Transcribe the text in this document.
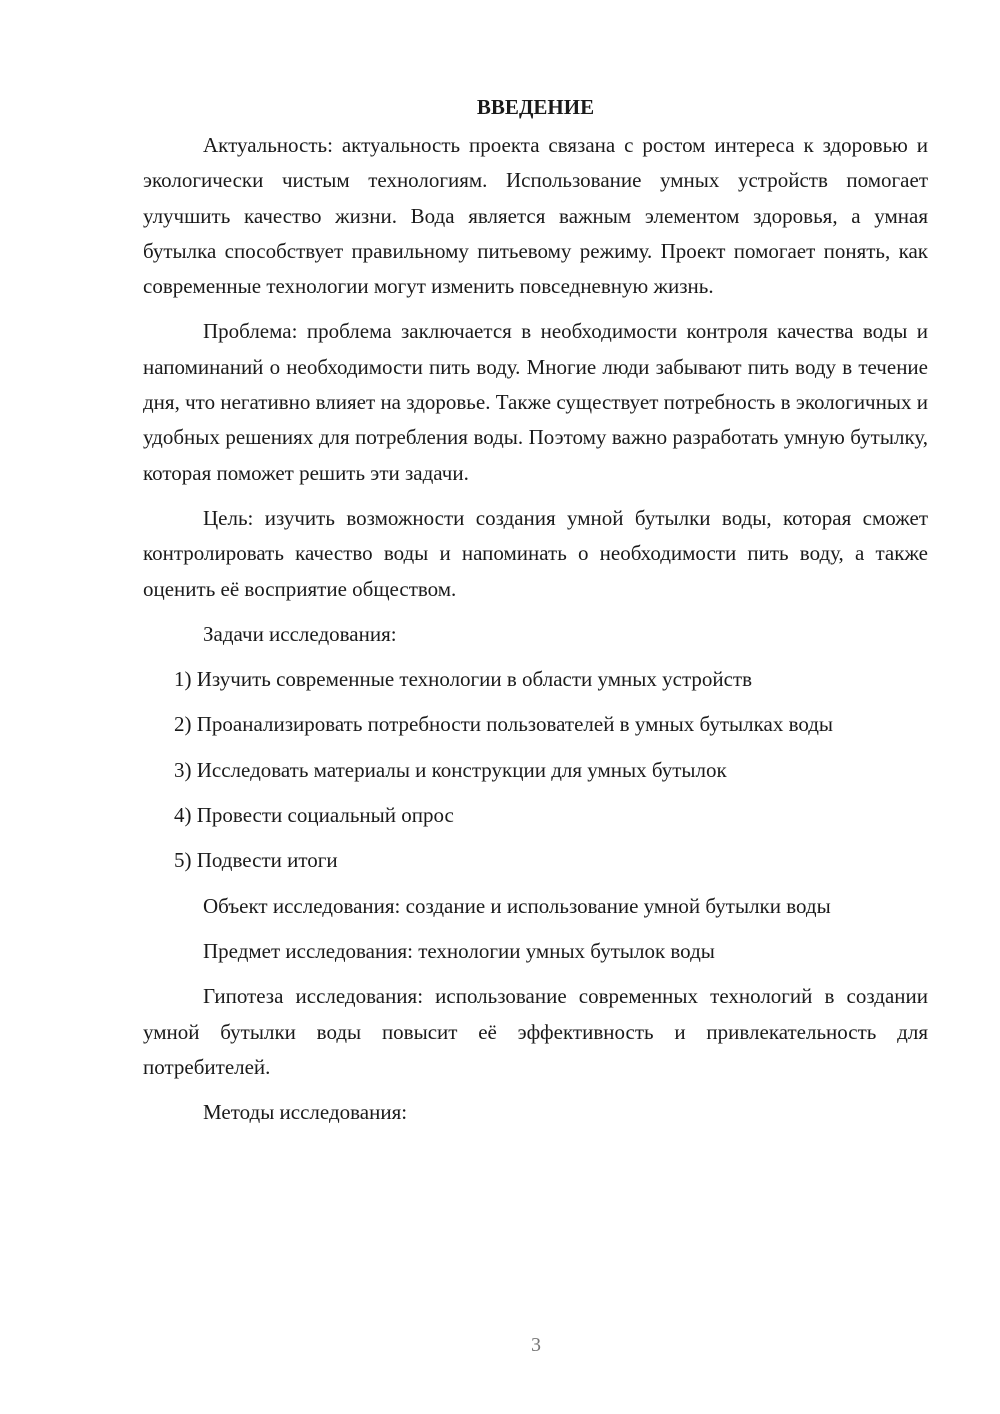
ВВЕДЕНИЕ

Актуальность: актуальность проекта связана с ростом интереса к здоровью и экологически чистым технологиям. Использование умных устройств помогает улучшить качество жизни. Вода является важным элементом здоровья, а умная бутылка способствует правильному питьевому режиму. Проект помогает понять, как современные технологии могут изменить повседневную жизнь.

Проблема: проблема заключается в необходимости контроля качества воды и напоминаний о необходимости пить воду. Многие люди забывают пить воду в течение дня, что негативно влияет на здоровье. Также существует потребность в экологичных и удобных решениях для потребления воды. Поэтому важно разработать умную бутылку, которая поможет решить эти задачи.

Цель: изучить возможности создания умной бутылки воды, которая сможет контролировать качество воды и напоминать о необходимости пить воду, а также оценить её восприятие обществом.

Задачи исследования:

1) Изучить современные технологии в области умных устройств

2) Проанализировать потребности пользователей в умных бутылках воды

3) Исследовать материалы и конструкции для умных бутылок

4) Провести социальный опрос

5) Подвести итоги

Объект исследования: создание и использование умной бутылки воды

Предмет исследования: технологии умных бутылок воды

Гипотеза исследования: использование современных технологий в создании умной бутылки воды повысит её эффективность и привлекательность для потребителей.

Методы исследования:

3
